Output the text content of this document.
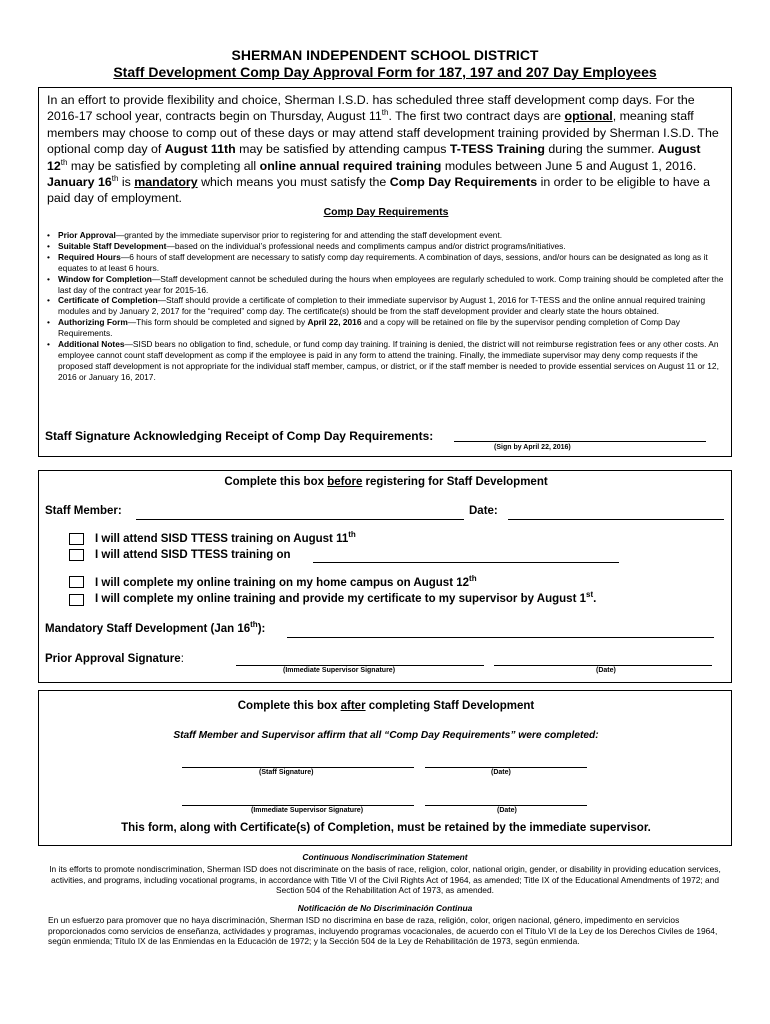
SHERMAN INDEPENDENT SCHOOL DISTRICT
Staff Development Comp Day Approval Form for 187, 197 and 207 Day Employees
In an effort to provide flexibility and choice, Sherman I.S.D. has scheduled three staff development comp days. For the 2016-17 school year, contracts begin on Thursday, August 11th. The first two contract days are optional, meaning staff members may choose to comp out of these days or may attend staff development training provided by Sherman I.S.D. The optional comp day of August 11th may be satisfied by attending campus T-TESS Training during the summer. August 12th may be satisfied by completing all online annual required training modules between June 5 and August 1, 2016. January 16th is mandatory which means you must satisfy the Comp Day Requirements in order to be eligible to have a paid day of employment.
Comp Day Requirements
• Prior Approval—granted by the immediate supervisor prior to registering for and attending the staff development event.
• Suitable Staff Development—based on the individual’s professional needs and compliments campus and/or district programs/initiatives.
• Required Hours—6 hours of staff development are necessary to satisfy comp day requirements. A combination of days, sessions, and/or hours can be designated as long as it equates to at least 6 hours.
• Window for Completion—Staff development cannot be scheduled during the hours when employees are regularly scheduled to work. Comp training should be completed after the last day of the contract year for 2015-16.
• Certificate of Completion—Staff should provide a certificate of completion to their immediate supervisor by August 1, 2016 for T-TESS and the online annual required training modules and by January 2, 2017 for the “required” comp day. The certificate(s) should be from the staff development provider and clearly state the hours obtained.
• Authorizing Form—This form should be completed and signed by April 22, 2016 and a copy will be retained on file by the supervisor pending completion of Comp Day Requirements.
• Additional Notes—SISD bears no obligation to find, schedule, or fund comp day training. If training is denied, the district will not reimburse registration fees or any other costs. An employee cannot count staff development as comp if the employee is paid in any form to attend the training. Finally, the immediate supervisor may deny comp requests if the proposed staff development is not appropriate for the individual staff member, campus, or district, or if the staff member is needed to provide essential services on August 11 or 12, 2016 or January 16, 2017.
Staff Signature Acknowledging Receipt of Comp Day Requirements:
(Sign by April 22, 2016)
Complete this box before registering for Staff Development
Staff Member:	Date:
I will attend SISD TTESS training on August 11th
I will attend SISD TTESS training on
I will complete my online training on my home campus on August 12th
I will complete my online training and provide my certificate to my supervisor by August 1st.
Mandatory Staff Development (Jan 16th):
Prior Approval Signature:
(Immediate Supervisor Signature)	(Date)
Complete this box after completing Staff Development
Staff Member and Supervisor affirm that all “Comp Day Requirements” were completed:
(Staff Signature)	(Date)
(Immediate Supervisor Signature)	(Date)
This form, along with Certificate(s) of Completion, must be retained by the immediate supervisor.
Continuous Nondiscrimination Statement
In its efforts to promote nondiscrimination, Sherman ISD does not discriminate on the basis of race, religion, color, national origin, gender, or disability in providing education services, activities, and programs, including vocational programs, in accordance with Title VI of the Civil Rights Act of 1964, as amended; Title IX of the Educational Amendments of 1972; and Section 504 of the Rehabilitation Act of 1973, as amended.
Notificación de No Discriminación Continua
En un esfuerzo para promover que no haya discriminación, Sherman ISD no discrimina en base de raza, religión, color, origen nacional, género, impedimento en servicios proporcionados como servicios de enseñanza, actividades y programas, incluyendo programas vocacionales, de acuerdo con el Título VI de la Ley de los Derechos Civiles de 1964, según enmienda; Título IX de las Enmiendas en la Educación de 1972; y la Sección 504 de la Ley de Rehabilitación de 1973, según enmienda.
